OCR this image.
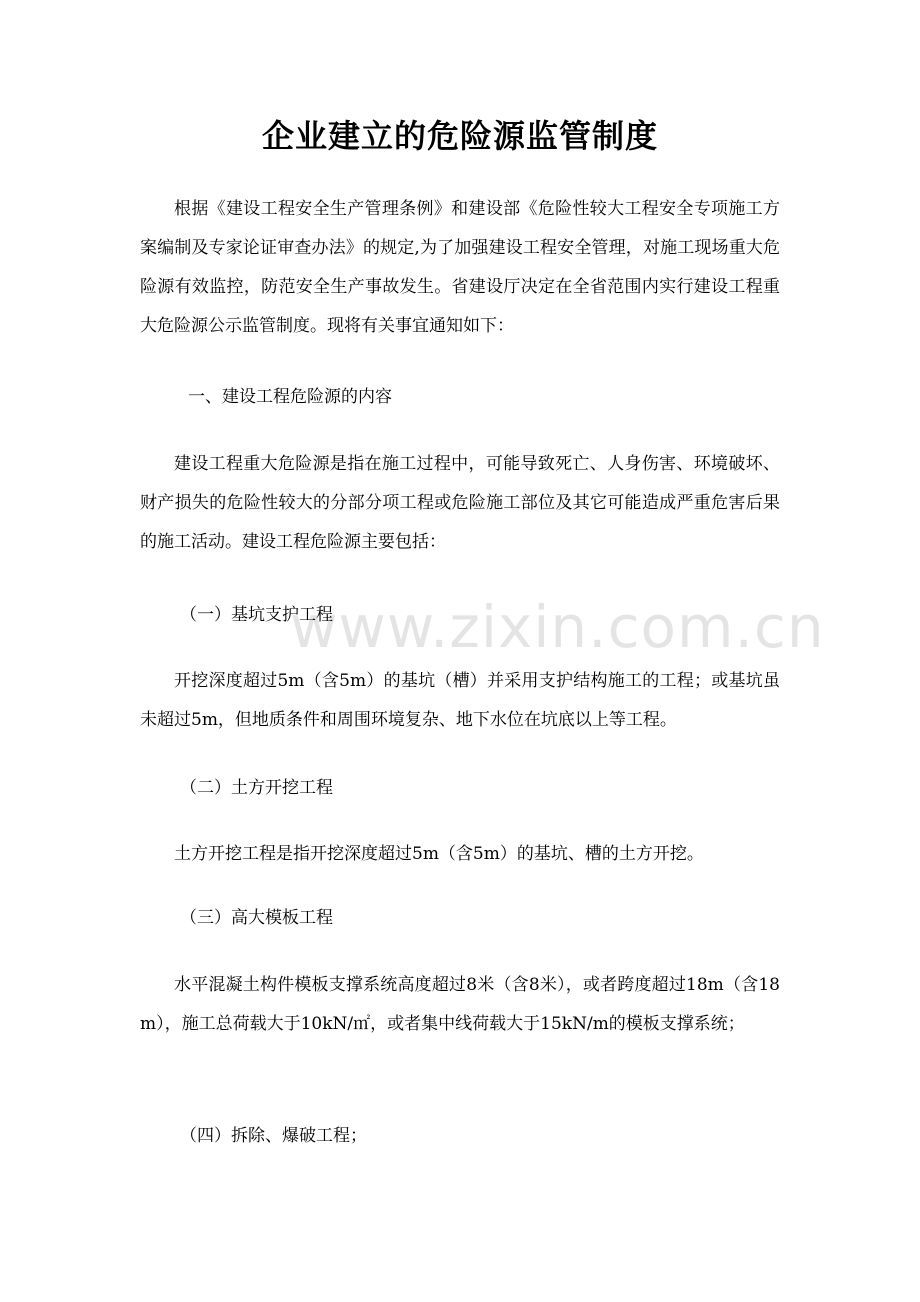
企业建立的危险源监管制度
根据《建设工程安全生产管理条例》和建设部《危险性较大工程安全专项施工方案编制及专家论证审查办法》的规定,为了加强建设工程安全管理，对施工现场重大危险源有效监控，防范安全生产事故发生。省建设厅决定在全省范围内实行建设工程重大危险源公示监管制度。现将有关事宜通知如下：
一、建设工程危险源的内容
建设工程重大危险源是指在施工过程中，可能导致死亡、人身伤害、环境破坏、财产损失的危险性较大的分部分项工程或危险施工部位及其它可能造成严重危害后果的施工活动。建设工程危险源主要包括：
（一）基坑支护工程
开挖深度超过5m（含5m）的基坑（槽）并采用支护结构施工的工程；或基坑虽未超过5m，但地质条件和周围环境复杂、地下水位在坑底以上等工程。
（二）土方开挖工程
土方开挖工程是指开挖深度超过5m（含5m）的基坑、槽的土方开挖。
（三）高大模板工程
水平混凝土构件模板支撑系统高度超过8米（含8米），或者跨度超过18m（含18m），施工总荷载大于10kN/㎡，或者集中线荷载大于15kN/m的模板支撑系统；
（四）拆除、爆破工程；
www.zixin.com.cn
